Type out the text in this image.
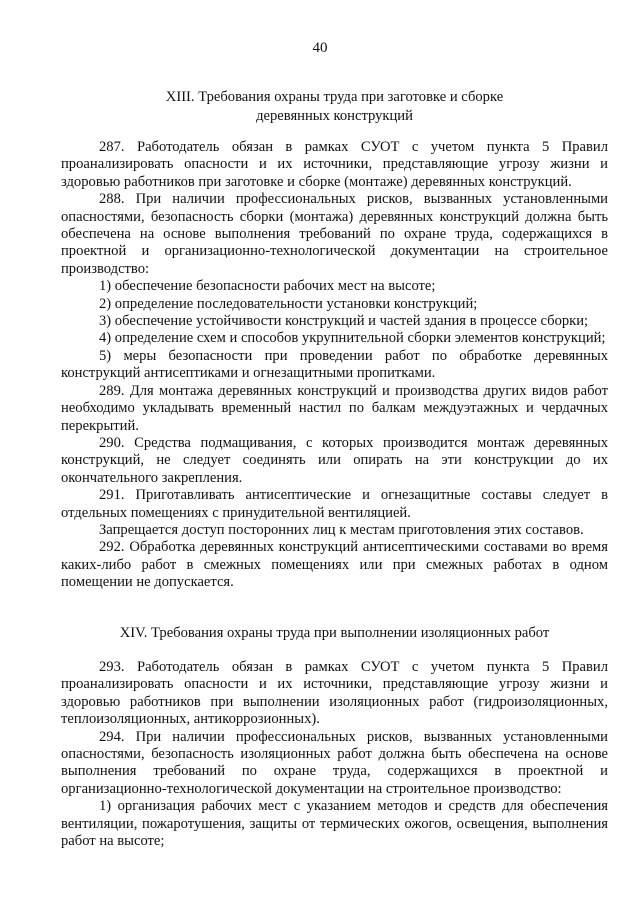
40
XIII. Требования охраны труда при заготовке и сборке
деревянных конструкций

287. Работодатель обязан в рамках СУОТ с учетом пункта 5 Правил проанализировать опасности и их источники, представляющие угрозу жизни и здоровью работников при заготовке и сборке (монтаже) деревянных конструкций.

288. При наличии профессиональных рисков, вызванных установленными опасностями, безопасность сборки (монтажа) деревянных конструкций должна быть обеспечена на основе выполнения требований по охране труда, содержащихся в проектной и организационно-технологической документации на строительное производство:

1) обеспечение безопасности рабочих мест на высоте;

2) определение последовательности установки конструкций;

3) обеспечение устойчивости конструкций и частей здания в процессе сборки;

4) определение схем и способов укрупнительной сборки элементов конструкций;

5) меры безопасности при проведении работ по обработке деревянных конструкций антисептиками и огнезащитными пропитками.

289. Для монтажа деревянных конструкций и производства других видов работ необходимо укладывать временный настил по балкам междуэтажных и чердачных перекрытий.

290. Средства подмащивания, с которых производится монтаж деревянных конструкций, не следует соединять или опирать на эти конструкции до их окончательного закрепления.

291. Приготавливать антисептические и огнезащитные составы следует в отдельных помещениях с принудительной вентиляцией.

Запрещается доступ посторонних лиц к местам приготовления этих составов.

292. Обработка деревянных конструкций антисептическими составами во время каких-либо работ в смежных помещениях или при смежных работах в одном помещении не допускается.

XIV. Требования охраны труда при выполнении изоляционных работ

293. Работодатель обязан в рамках СУОТ с учетом пункта 5 Правил проанализировать опасности и их источники, представляющие угрозу жизни и здоровью работников при выполнении изоляционных работ (гидроизоляционных, теплоизоляционных, антикоррозионных).

294. При наличии профессиональных рисков, вызванных установленными опасностями, безопасность изоляционных работ должна быть обеспечена на основе выполнения требований по охране труда, содержащихся в проектной и организационно-технологической документации на строительное производство:

1) организация рабочих мест с указанием методов и средств для обеспечения вентиляции, пожаротушения, защиты от термических ожогов, освещения, выполнения работ на высоте;
